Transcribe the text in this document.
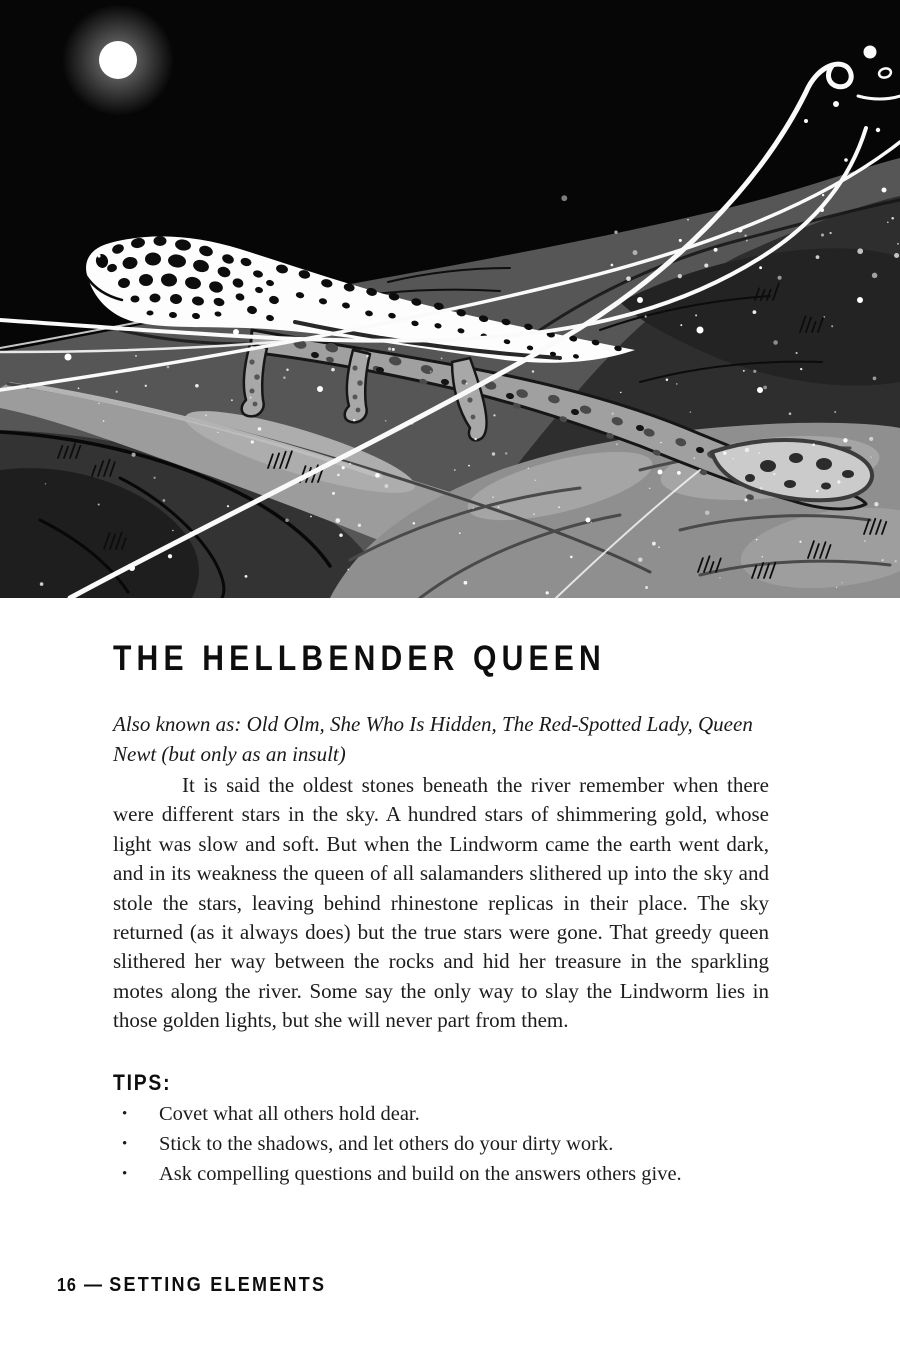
THE HELLBENDER QUEEN

Also known as: Old Olm, She Who Is Hidden, The Red-Spotted Lady, Queen Newt (but only as an insult)

It is said the oldest stones beneath the river remember when there were different stars in the sky. A hundred stars of shimmering gold, whose light was slow and soft. But when the Lindworm came the earth went dark, and in its weakness the queen of all salamanders slithered up into the sky and stole the stars, leaving behind rhinestone replicas in their place. The sky returned (as it always does) but the true stars were gone. That greedy queen slithered her way between the rocks and hid her treasure in the sparkling motes along the river. Some say the only way to slay the Lindworm lies in those golden lights, but she will never part from them.

TIPS:
•	Covet what all others hold dear.
•	Stick to the shadows, and let others do your dirty work.
•	Ask compelling questions and build on the answers others give.
16 — SETTING ELEMENTS
